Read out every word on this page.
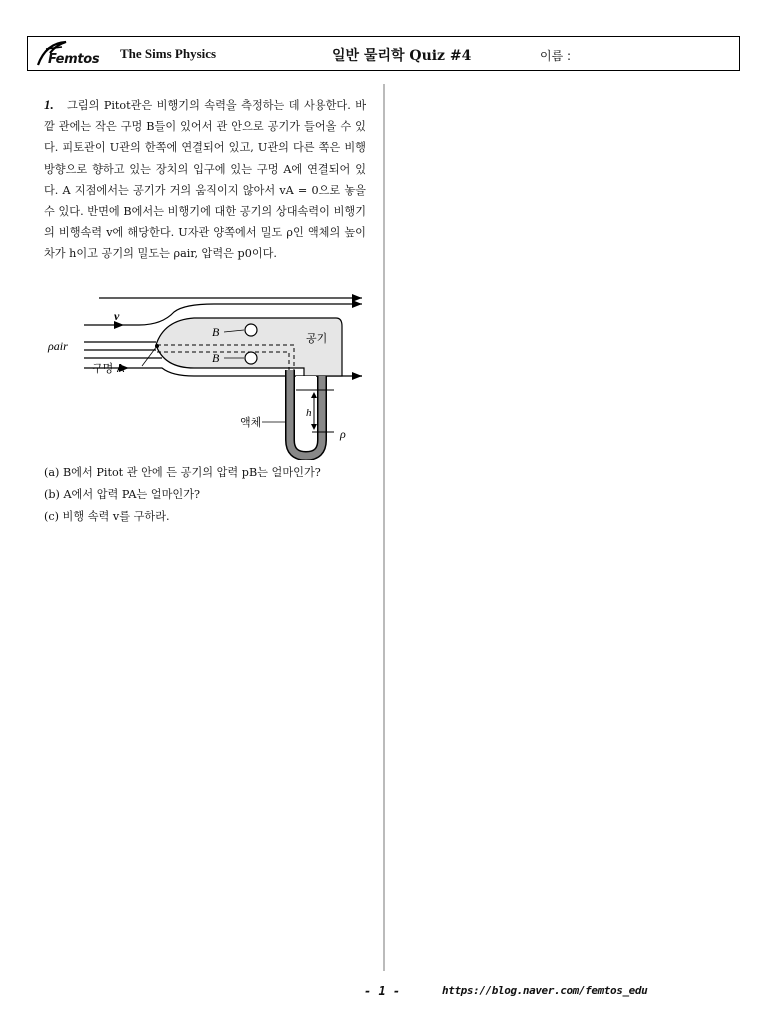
Femtos The Sims Physics	일반 물리학 Quiz #4	이름 :
1. 그림의 Pitot관은 비행기의 속력을 측정하는 데 사용한다. 바깥 관에는 작은 구멍 B들이 있어서 관 안으로 공기가 들어올 수 있다. 피토관이 U관의 한쪽에 연결되어 있고, U관의 다른 쪽은 비행 방향으로 향하고 있는 장치의 입구에 있는 구멍 A에 연결되어 있다. A 지점에서는 공기가 거의 움직이지 않아서 vA = 0으로 놓을 수 있다. 반면에 B에서는 비행기에 대한 공기의 상대속력이 비행기의 비행속력 v에 해당한다. U자관 양쪽에서 밀도 ρ인 액체의 높이 차가 h이고 공기의 밀도는 ρair, 압력은 p0이다.
v
ρair
B
B
구멍 A
공기
h
액체
ρ
(a) B에서 Pitot 관 안에 든 공기의 압력 pB는 얼마인가?
(b) A에서 압력 PA는 얼마인가?
(c) 비행 속력 v를 구하라.
- 1 -	https://blog.naver.com/femtos_edu
